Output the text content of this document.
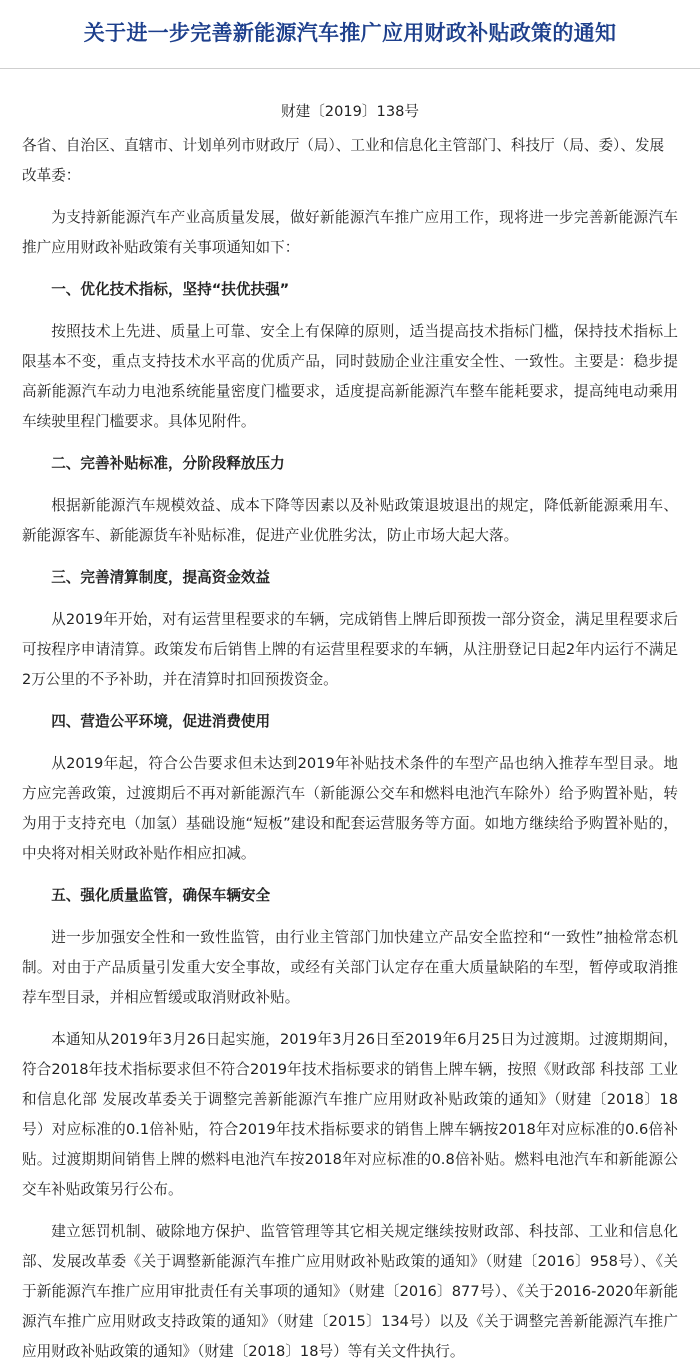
关于进一步完善新能源汽车推广应用财政补贴政策的通知
财建〔2019〕138号

各省、自治区、直辖市、计划单列市财政厅（局）、工业和信息化主管部门、科技厅（局、委）、发展改革委：

为支持新能源汽车产业高质量发展，做好新能源汽车推广应用工作，现将进一步完善新能源汽车推广应用财政补贴政策有关事项通知如下：

一、优化技术指标，坚持“扶优扶强”

按照技术上先进、质量上可靠、安全上有保障的原则，适当提高技术指标门槛，保持技术指标上限基本不变，重点支持技术水平高的优质产品，同时鼓励企业注重安全性、一致性。主要是：稳步提高新能源汽车动力电池系统能量密度门槛要求，适度提高新能源汽车整车能耗要求，提高纯电动乘用车续驶里程门槛要求。具体见附件。

二、完善补贴标准，分阶段释放压力

根据新能源汽车规模效益、成本下降等因素以及补贴政策退坡退出的规定，降低新能源乘用车、新能源客车、新能源货车补贴标准，促进产业优胜劣汰，防止市场大起大落。

三、完善清算制度，提高资金效益

从2019年开始，对有运营里程要求的车辆，完成销售上牌后即预拨一部分资金，满足里程要求后可按程序申请清算。政策发布后销售上牌的有运营里程要求的车辆，从注册登记日起2年内运行不满足2万公里的不予补助，并在清算时扣回预拨资金。

四、营造公平环境，促进消费使用

从2019年起，符合公告要求但未达到2019年补贴技术条件的车型产品也纳入推荐车型目录。地方应完善政策，过渡期后不再对新能源汽车（新能源公交车和燃料电池汽车除外）给予购置补贴，转为用于支持充电（加氢）基础设施“短板”建设和配套运营服务等方面。如地方继续给予购置补贴的，中央将对相关财政补贴作相应扣减。

五、强化质量监管，确保车辆安全

进一步加强安全性和一致性监管，由行业主管部门加快建立产品安全监控和“一致性”抽检常态机制。对由于产品质量引发重大安全事故，或经有关部门认定存在重大质量缺陷的车型，暂停或取消推荐车型目录，并相应暂缓或取消财政补贴。

本通知从2019年3月26日起实施，2019年3月26日至2019年6月25日为过渡期。过渡期期间，符合2018年技术指标要求但不符合2019年技术指标要求的销售上牌车辆，按照《财政部 科技部 工业和信息化部 发展改革委关于调整完善新能源汽车推广应用财政补贴政策的通知》（财建〔2018〕18号）对应标准的0.1倍补贴，符合2019年技术指标要求的销售上牌车辆按2018年对应标准的0.6倍补贴。过渡期期间销售上牌的燃料电池汽车按2018年对应标准的0.8倍补贴。燃料电池汽车和新能源公交车补贴政策另行公布。

建立惩罚机制、破除地方保护、监管管理等其它相关规定继续按财政部、科技部、工业和信息化部、发展改革委《关于调整新能源汽车推广应用财政补贴政策的通知》（财建〔2016〕958号）、《关于新能源汽车推广应用审批责任有关事项的通知》（财建〔2016〕877号）、《关于2016-2020年新能源汽车推广应用财政支持政策的通知》（财建〔2015〕134号）以及《关于调整完善新能源汽车推广应用财政补贴政策的通知》（财建〔2018〕18号）等有关文件执行。
